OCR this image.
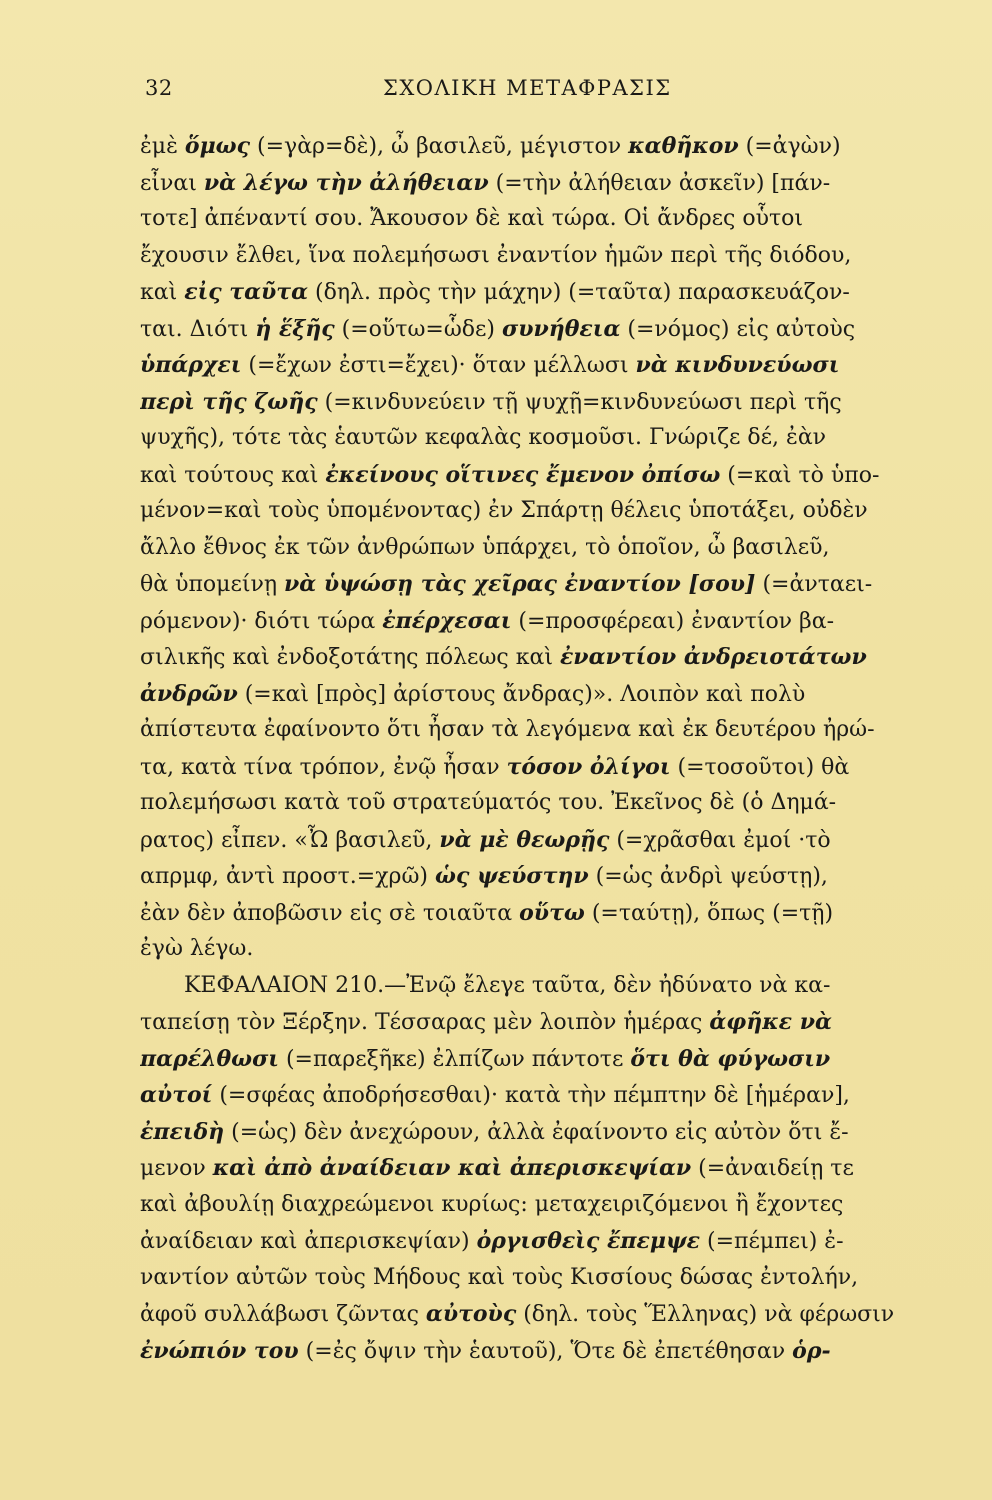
32	ΣΧΟΛΙΚΗ ΜΕΤΑΦΡΑΣΙΣ
ἐμὲ ὅμως (=γὰρ=δὲ), ὦ βασιλεῦ, μέγιστον καθῆκον (=ἀγὼν)
εἶναι νὰ λέγω τὴν ἀλήθειαν (=τὴν ἀλήθειαν ἀσκεῖν) [πάν-
τοτε] ἀπέναντί σου. Ἄκουσον δὲ καὶ τώρα. Οἱ ἄνδρες οὗτοι
ἔχουσιν ἔλθει, ἵνα πολεμήσωσι ἐναντίον ἡμῶν περὶ τῆς διόδου,
καὶ εἰς ταῦτα (δηλ. πρὸς τὴν μάχην) (=ταῦτα) παρασκευάζον-
ται. Διότι ἡ ἕξῆς (=οὕτω=ὧδε) συνήθεια (=νόμος) εἰς αὐτοὺς
ὑπάρχει (=ἔχων ἐστι=ἔχει)· ὅταν μέλλωσι νὰ κινδυνεύωσι
περὶ τῆς ζωῆς (=κινδυνεύειν τῇ ψυχῇ=κινδυνεύωσι περὶ τῆς
ψυχῆς), τότε τὰς ἑαυτῶν κεφαλὰς κοσμοῦσι. Γνώριζε δέ, ἐὰν
καὶ τούτους καὶ ἐκείνους οἵτινες ἔμενον ὀπίσω (=καὶ τὸ ὑπο-
μένον=καὶ τοὺς ὑπομένοντας) ἐν Σπάρτῃ θέλεις ὑποτάξει, οὐδὲν
ἄλλο ἔθνος ἐκ τῶν ἀνθρώπων ὑπάρχει, τὸ ὁποῖον, ὦ βασιλεῦ,
θὰ ὑπομείνῃ νὰ ὑψώσῃ τὰς χεῖρας ἐναντίον [σου] (=ἀνταει-
ρόμενον)· διότι τώρα ἐπέρχεσαι (=προσφέρεαι) ἐναντίον βα-
σιλικῆς καὶ ἐνδοξοτάτης πόλεως καὶ ἐναντίον ἀνδρειοτάτων
ἀνδρῶν (=καὶ [πρὸς] ἀρίστους ἄνδρας)». Λοιπὸν καὶ πολὺ
ἀπίστευτα ἐφαίνοντο ὅτι ἦσαν τὰ λεγόμενα καὶ ἐκ δευτέρου ἠρώ-
τα, κατὰ τίνα τρόπον, ἐνῷ ἦσαν τόσον ὀλίγοι (=τοσοῦτοι) θὰ
πολεμήσωσι κατὰ τοῦ στρατεύματός του. Ἐκεῖνος δὲ (ὁ Δημά-
ρατος) εἶπεν. «Ὦ βασιλεῦ, νὰ μὲ θεωρῇς (=χρᾶσθαι ἐμοί ·τὸ
απρμφ, ἀντὶ προστ.=χρῶ) ὡς ψεύστην (=ὡς ἀνδρὶ ψεύστῃ),
ἐὰν δὲν ἀποβῶσιν εἰς σὲ τοιαῦτα οὕτω (=ταύτῃ), ὅπως (=τῇ)
ἐγὼ λέγω.
ΚΕΦΑΛΑΙΟΝ 210.—Ἐνῷ ἔλεγε ταῦτα, δὲν ἠδύνατο νὰ κα-
ταπείσῃ τὸν Ξέρξην. Τέσσαρας μὲν λοιπὸν ἡμέρας ἀφῆκε νὰ
παρέλθωσι (=παρεξῆκε) ἐλπίζων πάντοτε ὅτι θὰ φύγωσιν
αὐτοί (=σφέας ἀποδρήσεσθαι)· κατὰ τὴν πέμπτην δὲ [ἡμέραν],
ἐπειδὴ (=ὡς) δὲν ἀνεχώρουν, ἀλλὰ ἐφαίνοντο εἰς αὐτὸν ὅτι ἔ-
μενον καὶ ἀπὸ ἀναίδειαν καὶ ἀπερισκεψίαν (=ἀναιδείῃ τε
καὶ ἀβουλίῃ διαχρεώμενοι κυρίως: μεταχειριζόμενοι ἢ ἔχοντες
ἀναίδειαν καὶ ἀπερισκεψίαν) ὀργισθεὶς ἔπεμψε (=πέμπει) ἐ-
ναντίον αὐτῶν τοὺς Μήδους καὶ τοὺς Κισσίους δώσας ἐντολήν,
ἀφοῦ συλλάβωσι ζῶντας αὐτοὺς (δηλ. τοὺς Ἕλληνας) νὰ φέρωσιν
ἐνώπιόν του (=ἐς ὄψιν τὴν ἑαυτοῦ), Ὅτε δὲ ἐπετέθησαν ὁρ-
